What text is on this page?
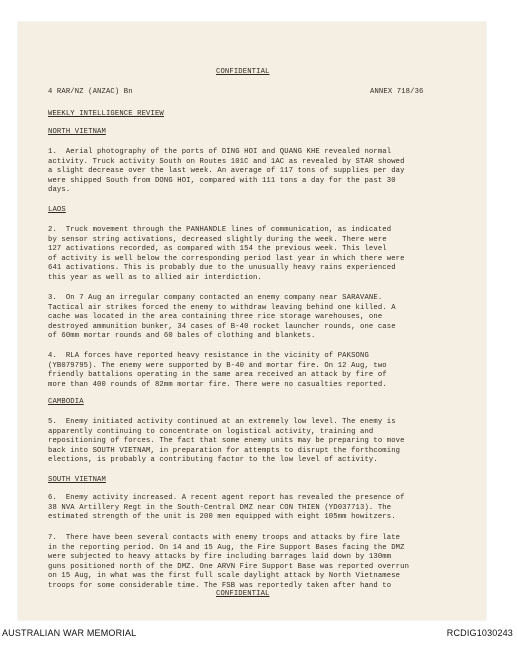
CONFIDENTIAL
4 RAR/NZ (ANZAC) Bn	ANNEX 718/36
WEEKLY INTELLIGENCE REVIEW
NORTH VIETNAM
1.  Aerial photography of the ports of DING HOI and QUANG KHE revealed normal
activity. Truck activity South on Routes 101C and 1AC as revealed by STAR showed
a slight decrease over the last week. An average of 117 tons of supplies per day
were shipped South from DONG HOI, compared with 111 tons a day for the past 30
days.
LAOS
2.  Truck movement through the PANHANDLE lines of communication, as indicated
by sensor string activations, decreased slightly during the week. There were
127 activations recorded, as compared with 154 the previous week. This level
of activity is well below the corresponding period last year in which there were
641 activations. This is probably due to the unusually heavy rains experienced
this year as well as to allied air interdiction.
3.  On 7 Aug an irregular company contacted an enemy company near SARAVANE.
Tactical air strikes forced the enemy to withdraw leaving behind one killed. A
cache was located in the area containing three rice storage warehouses, one
destroyed ammunition bunker, 34 cases of B-40 rocket launcher rounds, one case
of 60mm mortar rounds and 60 bales of clothing and blankets.
4.  RLA forces have reported heavy resistance in the vicinity of PAKSONG
(YB079795). The enemy were supported by B-40 and mortar fire. On 12 Aug, two
friendly battalions operating in the same area received an attack by fire of
more than 400 rounds of 82mm mortar fire. There were no casualties reported.
CAMBODIA
5.  Enemy initiated activity continued at an extremely low level. The enemy is
apparently continuing to concentrate on logistical activity, training and
repositioning of forces. The fact that some enemy units may be preparing to move
back into SOUTH VIETNAM, in preparation for attempts to disrupt the forthcoming
elections, is probably a contributing factor to the low level of activity.
SOUTH VIETNAM
6.  Enemy activity increased. A recent agent report has revealed the presence of
38 NVA Artillery Regt in the South-Central DMZ near CON THIEN (YD037713). The
estimated strength of the unit is 200 men equipped with eight 105mm howitzers.
7.  There have been several contacts with enemy troops and attacks by fire late
in the reporting period. On 14 and 15 Aug, the Fire Support Bases facing the DMZ
were subjected to heavy attacks by fire including barrages laid down by 130mm
guns positioned north of the DMZ. One ARVN Fire Support Base was reported overrun
on 15 Aug, in what was the first full scale daylight attack by North Vietnamese
troops for some considerable time. The FSB was reportedly taken after hand to
CONFIDENTIAL
AUSTRALIAN WAR MEMORIAL	RCDIG1030243
